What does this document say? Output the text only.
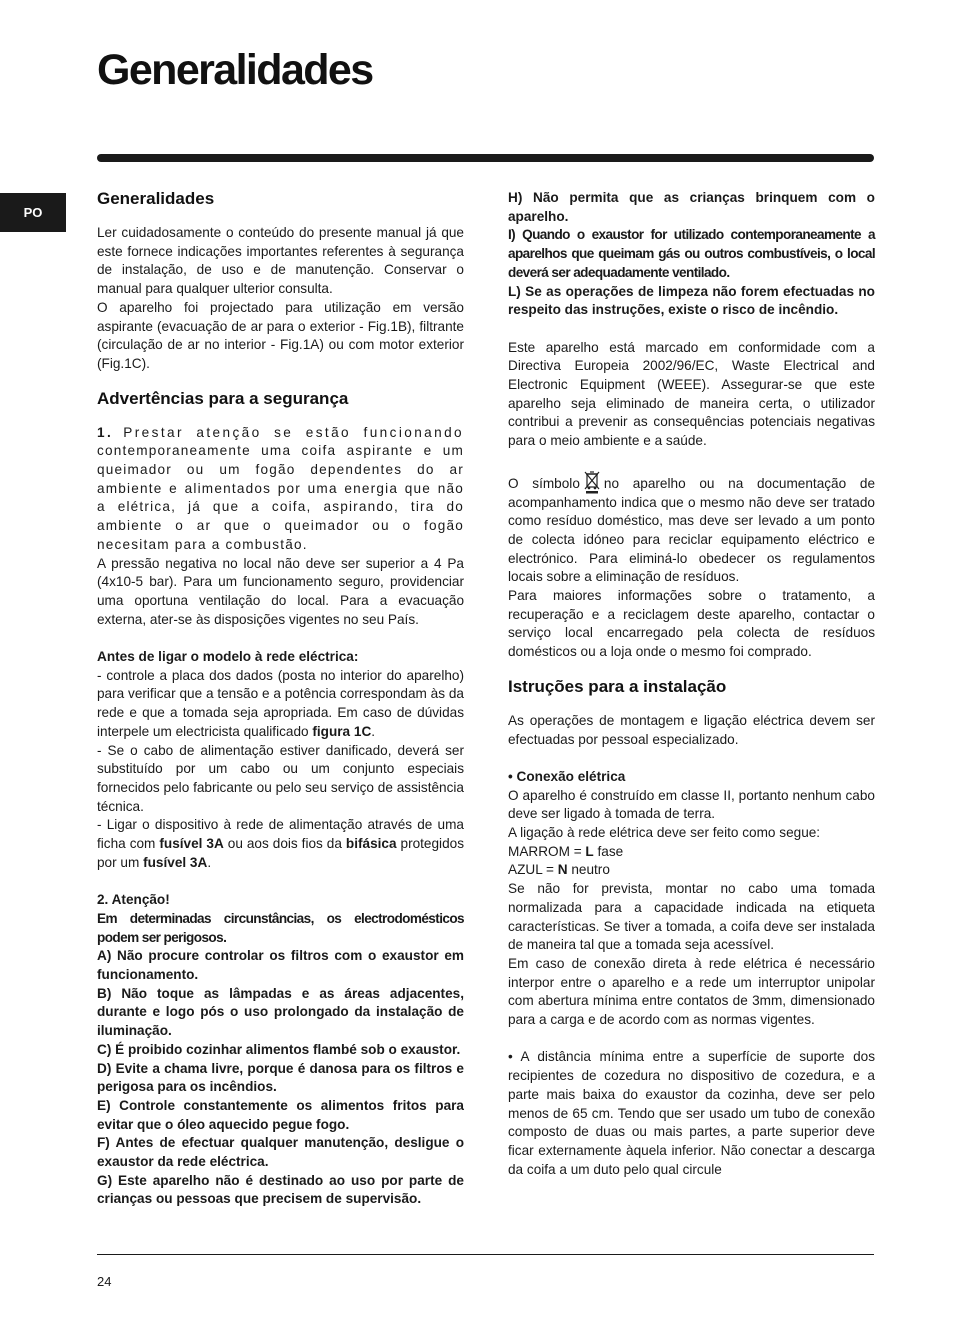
Generalidades
PO
Generalidades

Ler cuidadosamente o conteúdo do presente manual já que este fornece indicações importantes referentes à segurança de instalação, de uso e de manutenção. Conservar o manual para qualquer ulterior consulta.

O aparelho foi projectado para utilização em versão aspirante (evacuação de ar para o exterior - Fig.1B), filtrante (circulação de ar no interior - Fig.1A) ou com motor exterior (Fig.1C).

Advertências para a segurança

1. Prestar atenção se estão funcionando contemporaneamente uma coifa aspirante e um queimador ou um fogão dependentes do ar ambiente e alimentados por uma energia que não a elétrica, já que a coifa, aspirando, tira do ambiente o ar que o queimador ou o fogão necesitam para a combustão.

A pressão negativa no local não deve ser superior a 4 Pa (4x10-5 bar). Para um funcionamento seguro, providenciar uma oportuna ventilação do local. Para a evacuação externa, ater-se às disposições vigentes no seu País.

Antes de ligar o modelo à rede eléctrica:

- controle a placa dos dados (posta no interior do aparelho) para verificar que a tensão e a potência correspondam às da rede e que a tomada seja apropriada. Em caso de dúvidas interpele um electricista qualificado figura 1C.

- Se o cabo de alimentação estiver danificado, deverá ser substituído por um cabo ou um conjunto especiais fornecidos pelo fabricante ou pelo seu serviço de assistência técnica.

- Ligar o dispositivo à rede de alimentação através de uma ficha com fusível 3A ou aos dois fios da bifásica protegidos por um fusível 3A.

2. Atenção!

Em determinadas circunstâncias, os electrodomésticos podem ser perigosos.

A) Não procure controlar os filtros com o exaustor em funcionamento.

B) Não toque as lâmpadas e as áreas adjacentes, durante e logo pós o uso prolongado da instalação de iluminação.

C) É proibido cozinhar alimentos flambé sob o exaustor.

D) Evite a chama livre, porque é danosa para os filtros e perigosa para os incêndios.

E) Controle constantemente os alimentos fritos para evitar que o óleo aquecido pegue fogo.

F) Antes de efectuar qualquer manutenção, desligue o exaustor da rede eléctrica.

G) Este aparelho não é destinado ao uso por parte de crianças ou pessoas que precisem de supervisão.

H) Não permita que as crianças brinquem com o aparelho.

I) Quando o exaustor for utilizado contemporaneamente a aparelhos que queimam gás ou outros combustíveis, o local deverá ser adequadamente ventilado.

L) Se as operações de limpeza não forem efectuadas no respeito das instruções, existe o risco de incêndio.

Este aparelho está marcado em conformidade com a Directiva Europeia 2002/96/EC, Waste Electrical and Electronic Equipment (WEEE). Assegurar-se que este aparelho seja eliminado de maneira certa, o utilizador contribui a prevenir as consequências potenciais negativas para o meio ambiente e a saúde.

O símbolo no aparelho ou na documentação de acompanhamento indica que o mesmo não deve ser tratado como resíduo doméstico, mas deve ser levado a um ponto de colecta idóneo para reciclar equipamento eléctrico e electrónico. Para eliminá-lo obedecer os regulamentos locais sobre a eliminação de resíduos.

Para maiores informações sobre o tratamento, a recuperação e a reciclagem deste aparelho, contactar o serviço local encarregado pela colecta de resíduos domésticos ou a loja onde o mesmo foi comprado.

Istruções para a instalação

As operações de montagem e ligação eléctrica devem ser efectuadas por pessoal especializado.

• Conexão elétrica

O aparelho é construído em classe II, portanto nenhum cabo deve ser ligado à tomada de terra.

A ligação à rede elétrica deve ser feito como segue:

MARROM = L fase

AZUL = N neutro

Se não for prevista, montar no cabo uma tomada normalizada para a capacidade indicada na etiqueta características. Se tiver a tomada, a coifa deve ser instalada de maneira tal que a tomada seja acessível.

Em caso de conexão direta à rede elétrica é necessário interpor entre o aparelho e a rede um interruptor unipolar com abertura mínima entre contatos de 3mm, dimensionado para a carga e de acordo com as normas vigentes.

• A distância mínima entre a superfície de suporte dos recipientes de cozedura no dispositivo de cozedura, e a parte mais baixa do exaustor da cozinha, deve ser pelo menos de 65 cm. Tendo que ser usado um tubo de conexão composto de duas ou mais partes, a parte superior deve ficar externamente àquela inferior. Não conectar a descarga da coifa a um duto pelo qual circule

24
